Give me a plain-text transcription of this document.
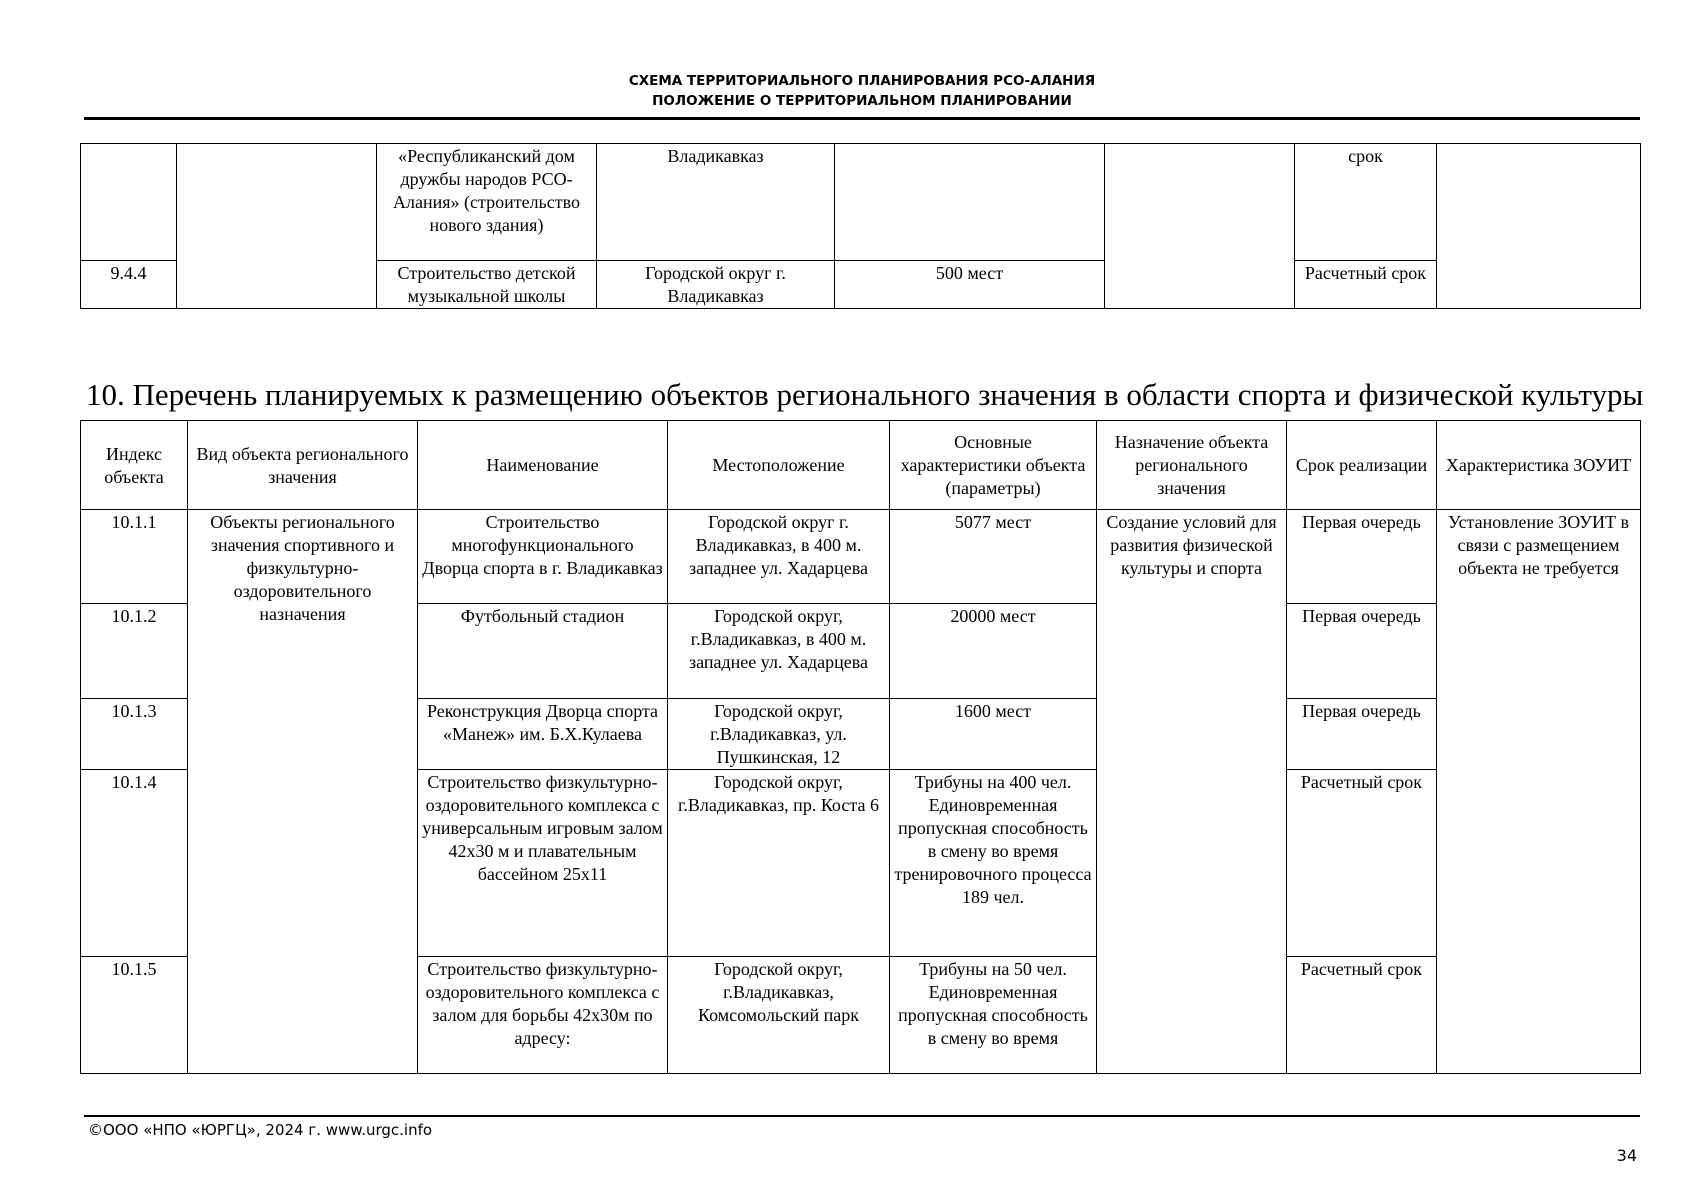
СХЕМА ТЕРРИТОРИАЛЬНОГО ПЛАНИРОВАНИЯ РСО-АЛАНИЯ
ПОЛОЖЕНИЕ О ТЕРРИТОРИАЛЬНОМ ПЛАНИРОВАНИИ
		«Республиканский дом дружбы народов РСО-Алания» (строительство нового здания)	Владикавказ			срок	
9.4.4		Строительство детской музыкальной школы	Городской округ г. Владикавказ	500 мест		Расчетный срок	
10. Перечень планируемых к размещению объектов регионального значения в области спорта и физической культуры
Индекс объекта	Вид объекта регионального значения	Наименование	Местоположение	Основные характеристики объекта (параметры)	Назначение объекта регионального значения	Срок реализации	Характеристика ЗОУИТ
10.1.1	Объекты регионального значения спортивного и физкультурно-оздоровительного назначения	Строительство многофункционального Дворца спорта в г. Владикавказ	Городской округ г. Владикавказ, в 400 м. западнее ул. Хадарцева	5077 мест	Создание условий для развития физической культуры и спорта	Первая очередь	Установление ЗОУИТ в связи с размещением объекта не требуется
10.1.2		Футбольный стадион	Городской округ, г.Владикавказ, в 400 м. западнее ул. Хадарцева	20000 мест		Первая очередь	
10.1.3		Реконструкция Дворца спорта «Манеж» им. Б.Х.Кулаева	Городской округ, г.Владикавказ, ул. Пушкинская, 12	1600 мест		Первая очередь	
10.1.4		Строительство физкультурно-оздоровительного комплекса с универсальным игровым залом 42х30 м и плавательным бассейном 25х11	Городской округ, г.Владикавказ, пр. Коста 6	Трибуны на 400 чел. Единовременная пропускная способность в смену во время тренировочного процесса 189 чел.		Расчетный срок	
10.1.5		Строительство физкультурно-оздоровительного комплекса с залом для борьбы 42х30м по адресу:	Городской округ, г.Владикавказ, Комсомольский парк	Трибуны на 50 чел. Единовременная пропускная способность в смену во время		Расчетный срок	
©ООО «НПО «ЮРГЦ», 2024 г. www.urgc.info
34
